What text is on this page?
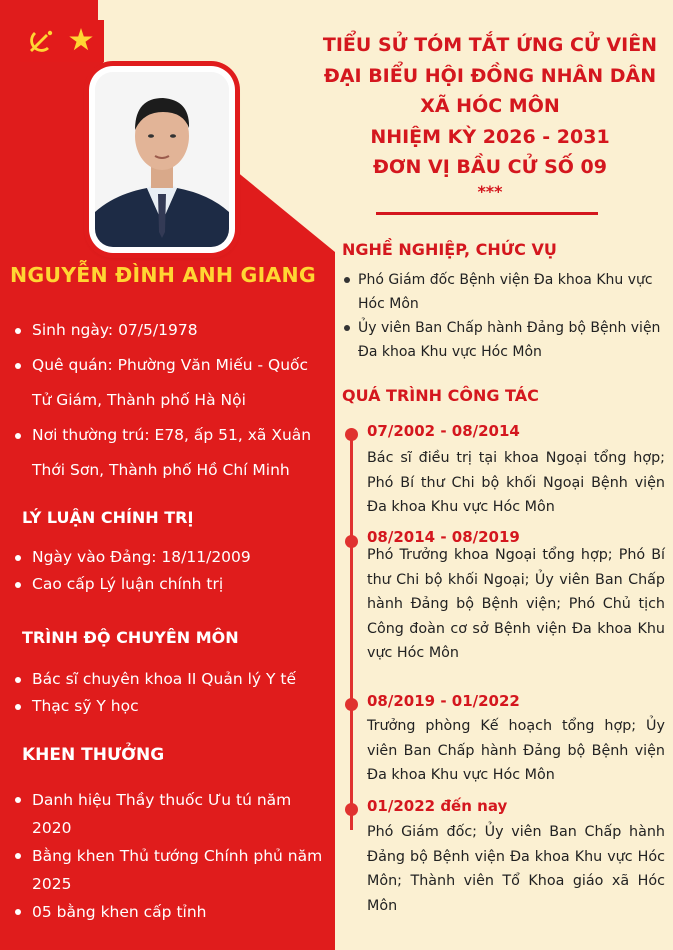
TIỂU SỬ TÓM TẮT ỨNG CỬ VIÊN
ĐẠI BIỂU HỘI ĐỒNG NHÂN DÂN
XÃ HÓC MÔN
NHIỆM KỲ 2026 - 2031
ĐƠN VỊ BẦU CỬ SỐ 09
***
NGUYỄN ĐÌNH ANH GIANG
Sinh ngày: 07/5/1978
Quê quán: Phường Văn Miếu - Quốc Tử Giám, Thành phố Hà Nội
Nơi thường trú: E78, ấp 51, xã Xuân Thới Sơn, Thành phố Hồ Chí Minh
LÝ LUẬN CHÍNH TRỊ
Ngày vào Đảng: 18/11/2009
Cao cấp Lý luận chính trị
TRÌNH ĐỘ CHUYÊN MÔN
Bác sĩ chuyên khoa II Quản lý Y tế
Thạc sỹ Y học
KHEN THƯỞNG
Danh hiệu Thầy thuốc Ưu tú năm 2020
Bằng khen Thủ tướng Chính phủ năm 2025
05 bằng khen cấp tỉnh
NGHỀ NGHIỆP, CHỨC VỤ
Phó Giám đốc Bệnh viện Đa khoa Khu vực Hóc Môn
Ủy viên Ban Chấp hành Đảng bộ Bệnh viện Đa khoa Khu vực Hóc Môn
QUÁ TRÌNH CÔNG TÁC
07/2002 - 08/2014
Bác sĩ điều trị tại khoa Ngoại tổng hợp; Phó Bí thư Chi bộ khối Ngoại Bệnh viện Đa khoa Khu vực Hóc Môn
08/2014 - 08/2019
Phó Trưởng khoa Ngoại tổng hợp; Phó Bí thư Chi bộ khối Ngoại; Ủy viên Ban Chấp hành Đảng bộ Bệnh viện; Phó Chủ tịch Công đoàn cơ sở Bệnh viện Đa khoa Khu vực Hóc Môn
08/2019 - 01/2022
Trưởng phòng Kế hoạch tổng hợp; Ủy viên Ban Chấp hành Đảng bộ Bệnh viện Đa khoa Khu vực Hóc Môn
01/2022 đến nay
Phó Giám đốc; Ủy viên Ban Chấp hành Đảng bộ Bệnh viện Đa khoa Khu vực Hóc Môn; Thành viên Tổ Khoa giáo xã Hóc Môn
